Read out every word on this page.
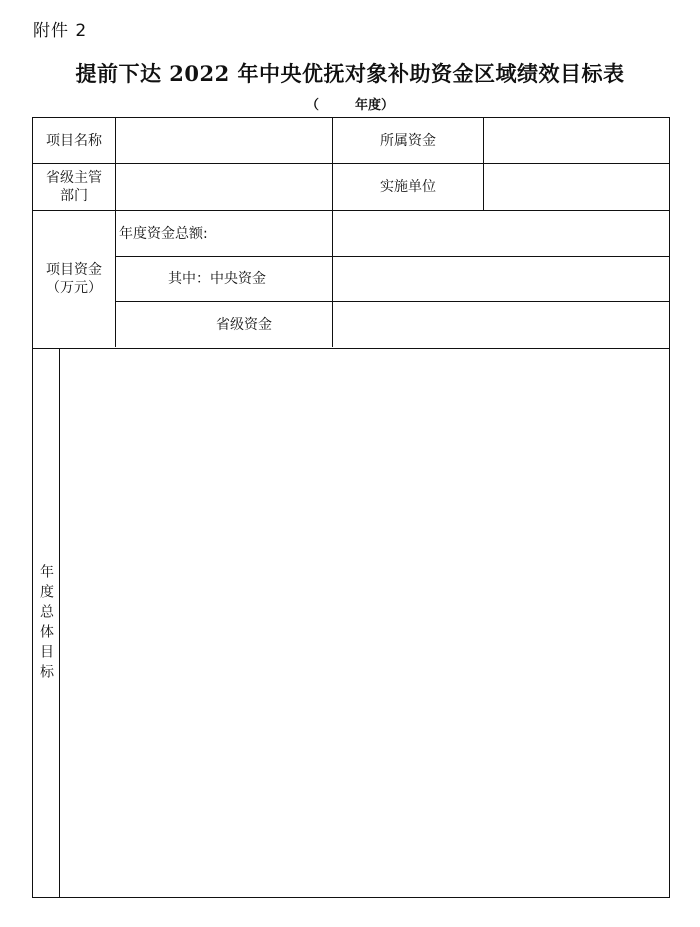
附件 2
提前下达 2022 年中央优抚对象补助资金区域绩效目标表
（	年度）
项目名称	所属资金
省级主管
部门
实施单位
项目资金
（万元）
年度资金总额:
其中：中央资金
省级资金
年度总体目标
